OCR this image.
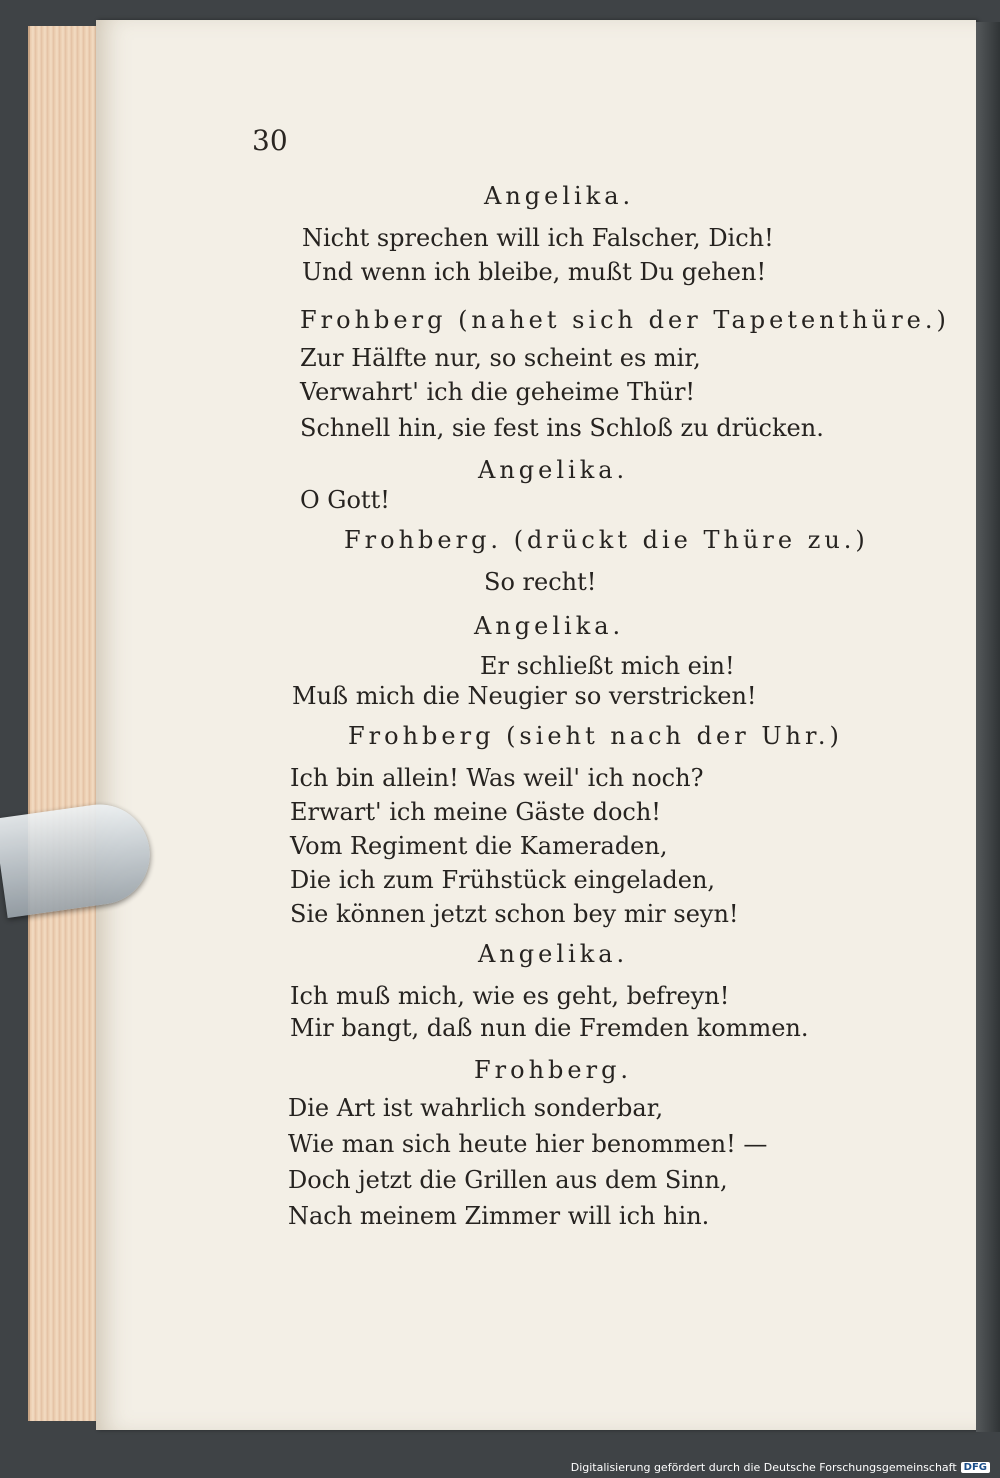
30
Angelika.
Nicht sprechen will ich Falscher, Dich!
Und wenn ich bleibe, mußt Du gehen!
Frohberg (nahet sich der Tapetenthüre.)
Zur Hälfte nur, so scheint es mir,
Verwahrt' ich die geheime Thür!
Schnell hin, sie fest ins Schloß zu drücken.
Angelika.
O Gott!
Frohberg. (drückt die Thüre zu.)
So recht!
Angelika.
Er schließt mich ein!
Muß mich die Neugier so verstricken!
Frohberg (sieht nach der Uhr.)
Ich bin allein! Was weil' ich noch?
Erwart' ich meine Gäste doch!
Vom Regiment die Kameraden,
Die ich zum Frühstück eingeladen,
Sie können jetzt schon bey mir seyn!
Angelika.
Ich muß mich, wie es geht, befreyn!
Mir bangt, daß nun die Fremden kommen.
Frohberg.
Die Art ist wahrlich sonderbar,
Wie man sich heute hier benommen! —
Doch jetzt die Grillen aus dem Sinn,
Nach meinem Zimmer will ich hin.
Digitalisierung gefördert durch die Deutsche Forschungsgemeinschaft DFG
